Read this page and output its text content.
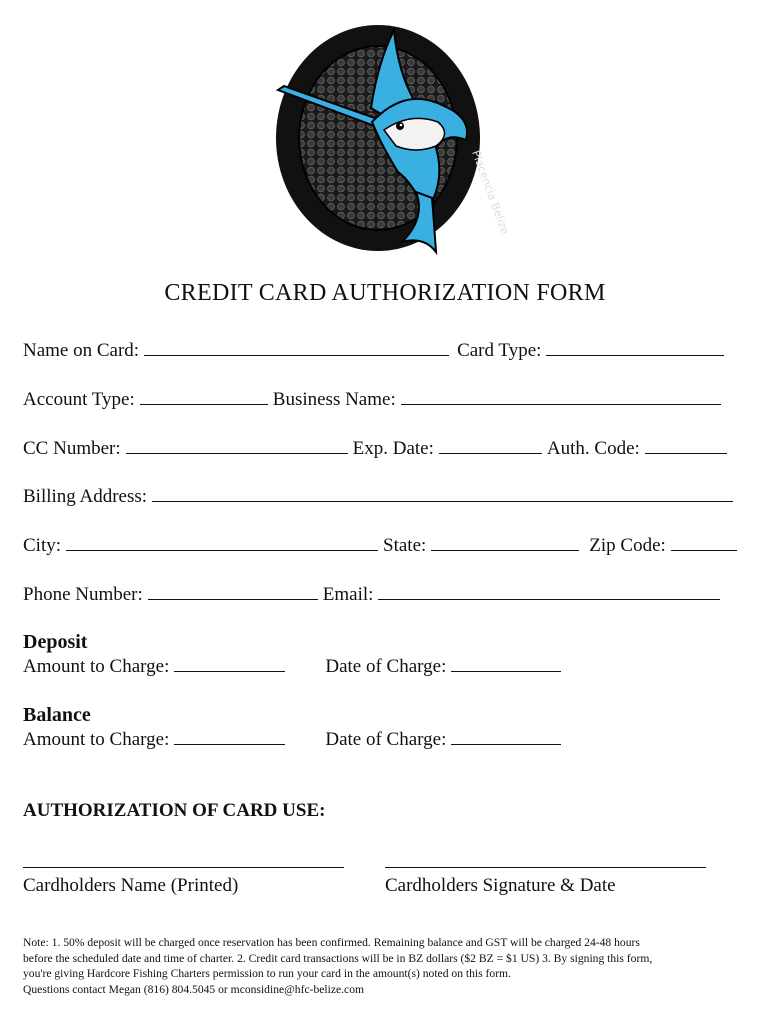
Placencia Belize
CREDIT CARD AUTHORIZATION FORM
Name on Card:	Card Type:
Account Type:	Business Name:
CC Number:	Exp. Date:	Auth. Code:
Billing Address:
City:	State:	Zip Code:
Phone Number:	Email:
Deposit
Amount to Charge:	Date of Charge:
Balance
Amount to Charge:	Date of Charge:
AUTHORIZATION OF CARD USE:
Cardholders Name (Printed)	Cardholders Signature & Date

Note: 1. 50% deposit will be charged once reservation has been confirmed. Remaining balance and GST will be charged 24-48 hours

before the scheduled date and time of charter. 2. Credit card transactions will be in BZ dollars ($2 BZ = $1 US) 3. By signing this form,

you're giving Hardcore Fishing Charters permission to run your card in the amount(s) noted on this form.

Questions contact Megan (816) 804.5045 or mconsidine@hfc-belize.com
